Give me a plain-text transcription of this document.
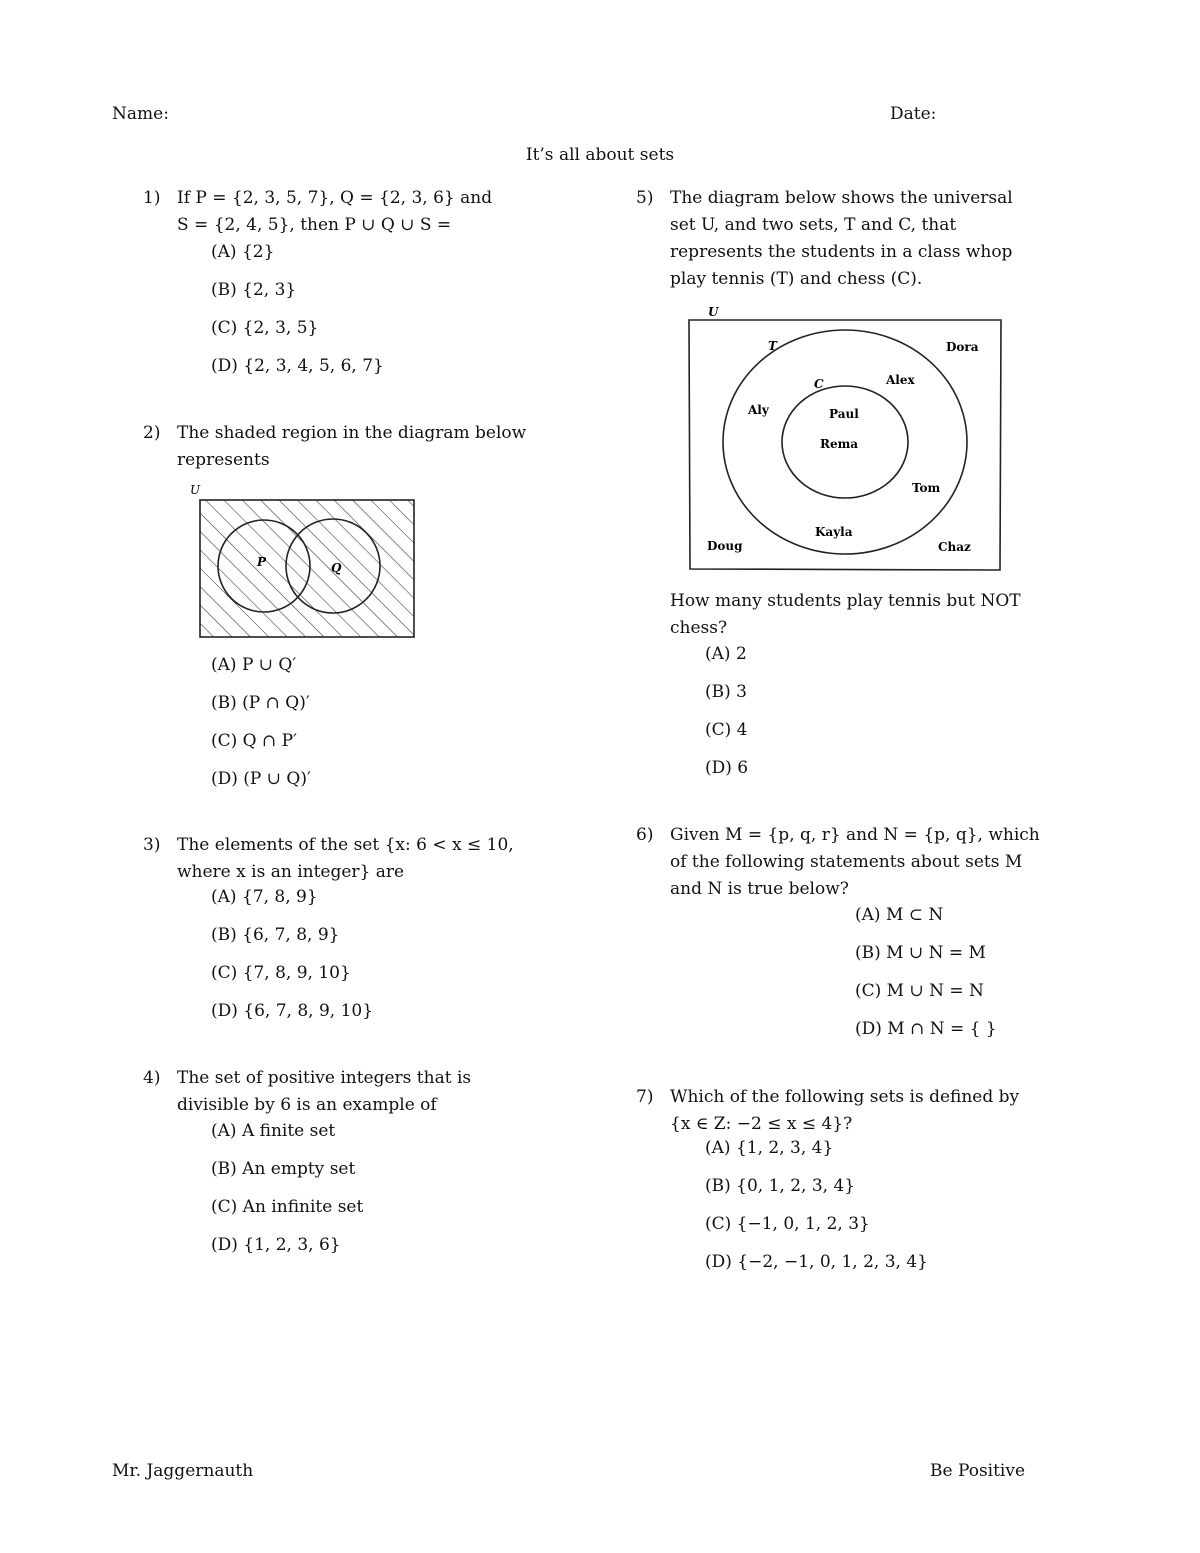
Name:	Date:
It’s all about sets
1) If P = {2, 3, 5, 7}, Q = {2, 3, 6} and
S = {2, 4, 5}, then P ∪ Q ∪ S =
(A) {2}
(B) {2, 3}
(C) {2, 3, 5}
(D) {2, 3, 4, 5, 6, 7}
2) The shaded region in the diagram below
represents
U
P	Q
(A) P ∪ Q′
(B) (P ∩ Q)′
(C) Q ∩ P′
(D) (P ∪ Q)′
3) The elements of the set {x: 6 < x ≤ 10,
where x is an integer} are
(A) {7, 8, 9}
(B) {6, 7, 8, 9}
(C) {7, 8, 9, 10}
(D) {6, 7, 8, 9, 10}
4) The set of positive integers that is
divisible by 6 is an example of
(A) A finite set
(B) An empty set
(C) An infinite set
(D) {1, 2, 3, 6}
5) The diagram below shows the universal
set U, and two sets, T and C, that
represents the students in a class whop
play tennis (T) and chess (C).
U
T
C
Dora
Alex
Aly	Paul
Rema
Tom
Kayla
Doug	Chaz
How many students play tennis but NOT
chess?
(A) 2
(B) 3
(C) 4
(D) 6
6) Given M = {p, q, r} and N = {p, q}, which
of the following statements about sets M
and N is true below?
(A) M ⊂ N
(B) M ∪ N = M
(C) M ∪ N = N
(D) M ∩ N = { }
7) Which of the following sets is defined by
{x ∈ Z: −2 ≤ x ≤ 4}?
(A) {1, 2, 3, 4}
(B) {0, 1, 2, 3, 4}
(C) {−1, 0, 1, 2, 3}
(D) {−2, −1, 0, 1, 2, 3, 4}
Mr. Jaggernauth	Be Positive
